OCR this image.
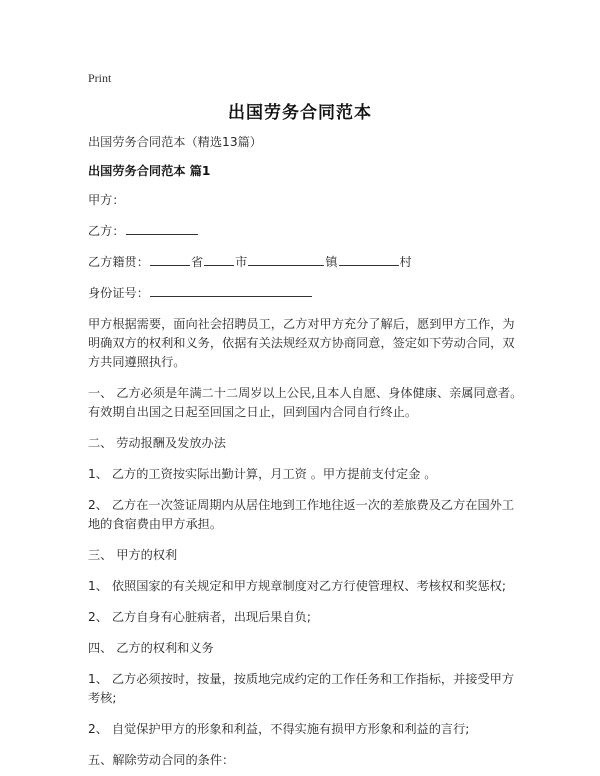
Print
出国劳务合同范本

出国劳务合同范本（精选13篇）

出国劳务合同范本 篇1

甲方：

乙方：

乙方籍贯：	省	市	镇	村

身份证号：

甲方根据需要，面向社会招聘员工，乙方对甲方充分了解后，愿到甲方工作，为明确双方的权利和义务，依据有关法规经双方协商同意，签定如下劳动合同，双方共同遵照执行。

一、 乙方必须是年满二十二周岁以上公民,且本人自愿、身体健康、亲属同意者。有效期自出国之日起至回国之日止，回到国内合同自行终止。

二、 劳动报酬及发放办法

1、 乙方的工资按实际出勤计算，月工资 。甲方提前支付定金 。

2、 乙方在一次签证周期内从居住地到工作地往返一次的差旅费及乙方在国外工地的食宿费由甲方承担。

三、 甲方的权利

1、 依照国家的有关规定和甲方规章制度对乙方行使管理权、考核权和奖惩权;

2、 乙方自身有心脏病者，出现后果自负;

四、 乙方的权利和义务

1、 乙方必须按时，按量，按质地完成约定的工作任务和工作指标，并接受甲方考核;

2、 自觉保护甲方的形象和利益，不得实施有损甲方形象和利益的言行;

五、解除劳动合同的条件：
